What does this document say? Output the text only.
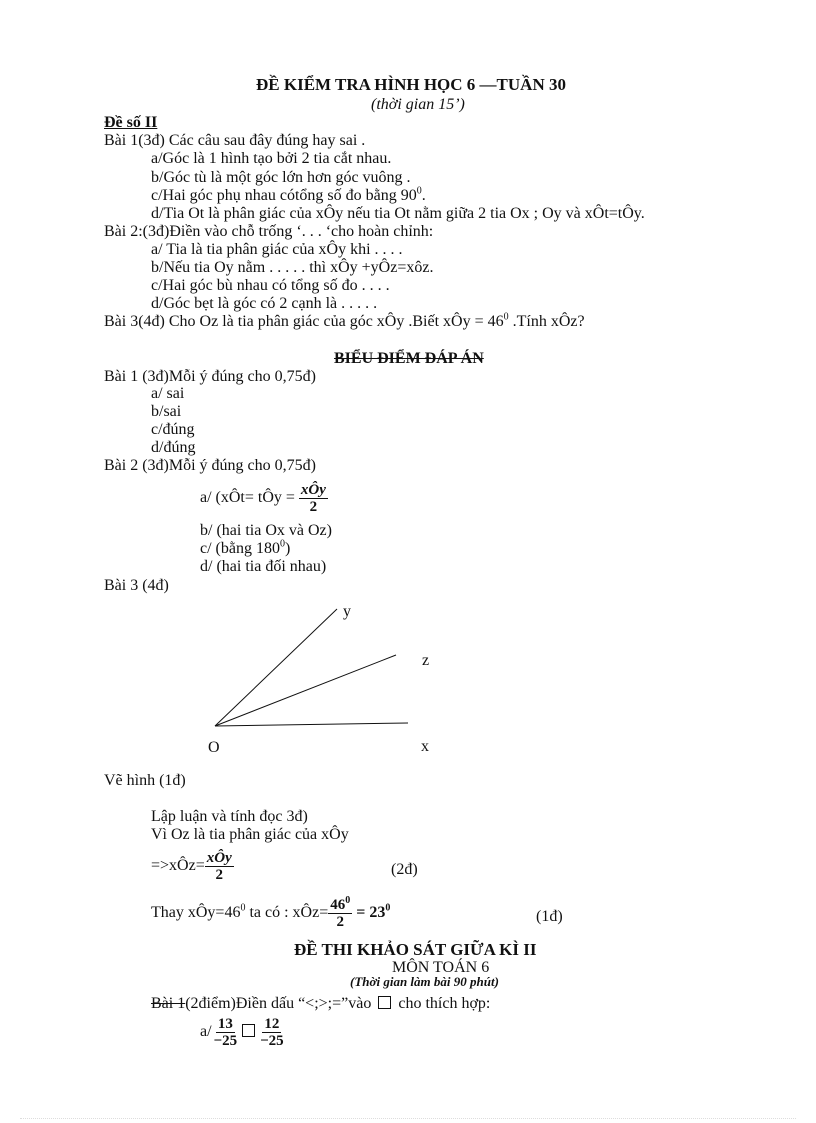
ĐỀ KIỂM TRA HÌNH HỌC 6 —TUẦN 30
(thời gian 15’)
Đề số II
Bài 1(3đ) Các câu sau đây đúng hay sai .
a/Góc là 1 hình tạo bởi 2 tia cắt nhau.
b/Góc tù là một góc lớn hơn góc vuông .
c/Hai góc phụ nhau cótổng số đo bằng $90^0$.
d/Tia Ot là phân giác của xÔy nếu tia Ot nằm giữa 2 tia Ox ; Oy và xÔt=tÔy.
Bài 2:(3đ)Điền vào chỗ trống ‘. . . ‘cho hoàn chỉnh:
a/ Tia là tia phân giác của xÔy khi . . . .
b/Nếu tia Oy nằm . . . . . thì xÔy +yÔz=xôz.
c/Hai góc bù nhau có tổng số đo . . . .
d/Góc bẹt là góc có 2 cạnh là . . . . .
Bài 3(4đ) Cho Oz là tia phân giác của góc xÔy .Biết xÔy = $46^0$ .Tính xÔz?
BIỂU ĐIỂM ĐÁP ÁN
Bài 1 (3đ)Mỗi ý đúng cho 0,75đ)
a/ sai
b/sai
c/đúng
d/đúng
Bài 2 (3đ)Mỗi ý đúng cho 0,75đ)
a/ (xÔt= tÔy = $\frac{\text{xÔy}}{2}$
b/ (hai tia Ox và Oz)
c/ (bằng $180^0$)
d/ (hai tia đối nhau)
Bài 3 (4đ)
y
z
O	x
Vẽ hình (1đ)
Lập luận và tính đọc 3đ)
Vì Oz là tia phân giác của xÔy
=>xÔz= $\frac{\text{xÔy}}{2}$	(2đ)
Thay $xÔy=46^0$ ta có : xÔz= $\frac{46^0}{2} = 23^0$	(1đ)
ĐỀ THI KHẢO SÁT GIỮA KÌ II
MÔN TOÁN 6
(Thời gian làm bài 90 phút)
Bài 1(2điểm)Điền dấu “<;>;=”vào cho thích hợp:
$a/ \frac{13}{-25} \frac{12}{-25}$
